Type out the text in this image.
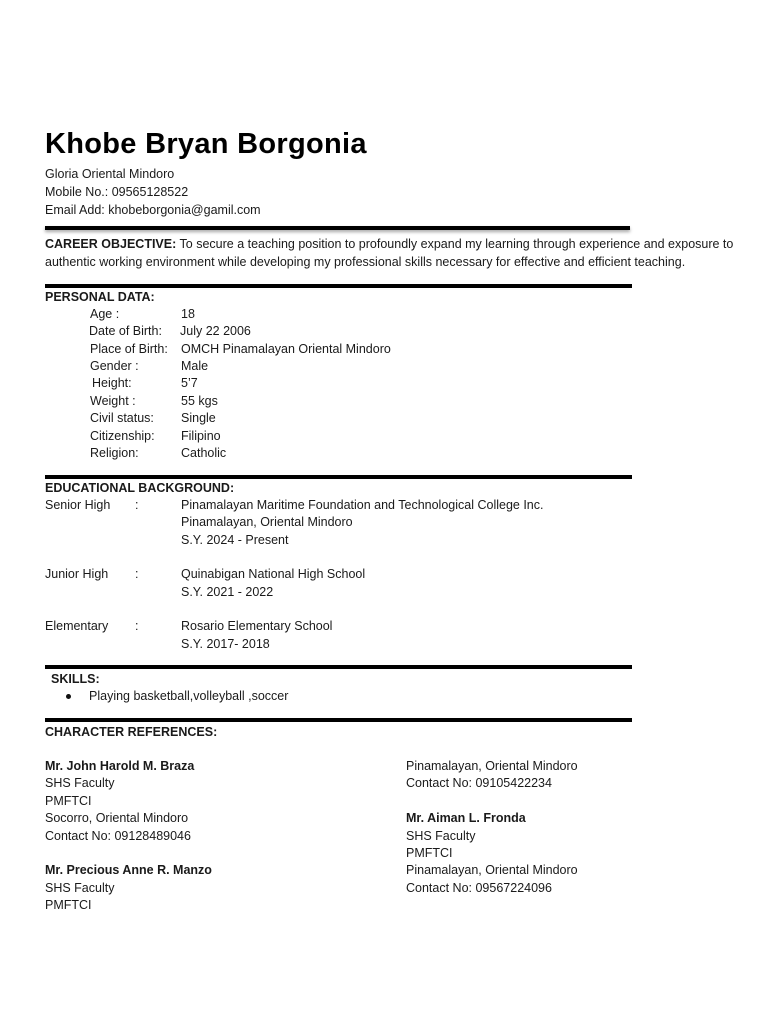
Khobe Bryan Borgonia
Gloria Oriental Mindoro
Mobile No.: 09565128522
Email Add: khobeborgonia@gamil.com
CAREER OBJECTIVE: To secure a teaching position to profoundly expand my learning through experience and exposure to
authentic working environment while developing my professional skills necessary for effective and efficient teaching.
PERSONAL DATA:
Age :	18
Date of Birth: July 22 2006
Place of Birth: OMCH Pinamalayan Oriental Mindoro
Gender :	Male
Height:	5’7
Weight :	55 kgs
Civil status: Single
Citizenship: Filipino
Religion:	Catholic
EDUCATIONAL BACKGROUND:
Senior High :	Pinamalayan Maritime Foundation and Technological College Inc.
Pinamalayan, Oriental Mindoro
S.Y. 2024 - Present
Junior High :	Quinabigan National High School
S.Y. 2021 - 2022
Elementary :	Rosario Elementary School
S.Y. 2017- 2018
SKILLS:
Playing basketball,volleyball ,soccer
CHARACTER REFERENCES:
Mr. John Harold M. Braza
SHS Faculty
PMFTCI
Socorro, Oriental Mindoro
Contact No: 09128489046
Mr. Precious Anne R. Manzo
SHS Faculty
PMFTCI
Pinamalayan, Oriental Mindoro
Contact No: 09105422234
Mr. Aiman L. Fronda
SHS Faculty
PMFTCI
Pinamalayan, Oriental Mindoro
Contact No: 09567224096
